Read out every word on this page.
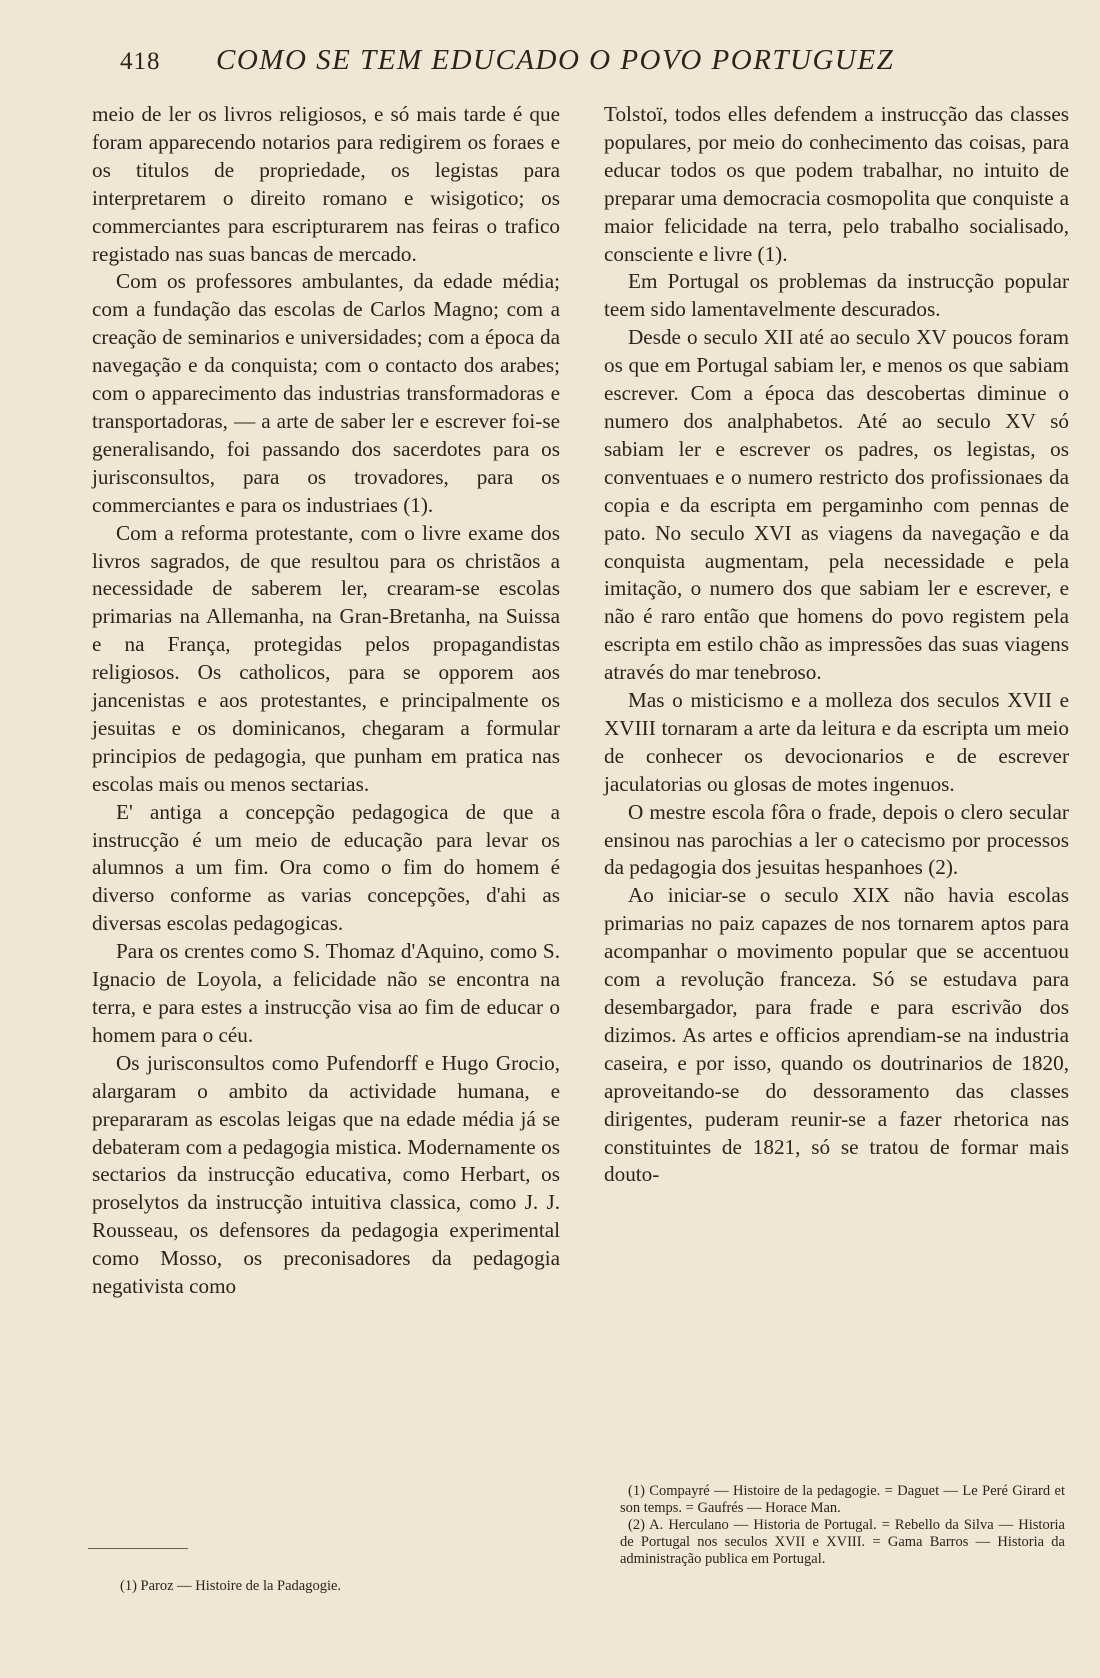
418 COMO SE TEM EDUCADO O POVO PORTUGUEZ

meio de ler os livros religiosos, e só mais tarde é que foram apparecendo notarios para redigirem os foraes e os titulos de propriedade, os legistas para interpretarem o direito romano e wisigotico; os commerciantes para escripturarem nas feiras o trafico registado nas suas bancas de mercado.

Com os professores ambulantes, da edade média; com a fundação das escolas de Carlos Magno; com a creação de seminarios e universidades; com a época da navegação e da conquista; com o contacto dos arabes; com o apparecimento das industrias transformadoras e transportadoras, — a arte de saber ler e escrever foi-se generalisando, foi passando dos sacerdotes para os jurisconsultos, para os trovadores, para os commerciantes e para os industriaes (1).

Com a reforma protestante, com o livre exame dos livros sagrados, de que resultou para os christãos a necessidade de saberem ler, crearam-se escolas primarias na Allemanha, na Gran-Bretanha, na Suissa e na França, protegidas pelos propagandistas religiosos. Os catholicos, para se opporem aos jancenistas e aos protestantes, e principalmente os jesuitas e os dominicanos, chegaram a formular principios de pedagogia, que punham em pratica nas escolas mais ou menos sectarias.

E' antiga a concepção pedagogica de que a instrucção é um meio de educação para levar os alumnos a um fim. Ora como o fim do homem é diverso conforme as varias concepções, d'ahi as diversas escolas pedagogicas.

Para os crentes como S. Thomaz d'Aquino, como S. Ignacio de Loyola, a felicidade não se encontra na terra, e para estes a instrucção visa ao fim de educar o homem para o céu.

Os jurisconsultos como Pufendorff e Hugo Grocio, alargaram o ambito da actividade humana, e prepararam as escolas leigas que na edade média já se debateram com a pedagogia mistica. Modernamente os sectarios da instrucção educativa, como Herbart, os proselytos da instrucção intuitiva classica, como J. J. Rousseau, os defensores da pedagogia experimental como Mosso, os preconisadores da pedagogia negativista como

Tolstoï, todos elles defendem a instrucção das classes populares, por meio do conhecimento das coisas, para educar todos os que podem trabalhar, no intuito de preparar uma democracia cosmopolita que conquiste a maior felicidade na terra, pelo trabalho socialisado, consciente e livre (1).

Em Portugal os problemas da instrucção popular teem sido lamentavelmente descurados.

Desde o seculo XII até ao seculo XV poucos foram os que em Portugal sabiam ler, e menos os que sabiam escrever. Com a época das descobertas diminue o numero dos analphabetos. Até ao seculo XV só sabiam ler e escrever os padres, os legistas, os conventuaes e o numero restricto dos profissionaes da copia e da escripta em pergaminho com pennas de pato. No seculo XVI as viagens da navegação e da conquista augmentam, pela necessidade e pela imitação, o numero dos que sabiam ler e escrever, e não é raro então que homens do povo registem pela escripta em estilo chão as impressões das suas viagens através do mar tenebroso.

Mas o misticismo e a molleza dos seculos XVII e XVIII tornaram a arte da leitura e da escripta um meio de conhecer os devocionarios e de escrever jaculatorias ou glosas de motes ingenuos.

O mestre escola fôra o frade, depois o clero secular ensinou nas parochias a ler o catecismo por processos da pedagogia dos jesuitas hespanhoes (2).

Ao iniciar-se o seculo XIX não havia escolas primarias no paiz capazes de nos tornarem aptos para acompanhar o movimento popular que se accentuou com a revolução franceza. Só se estudava para desembargador, para frade e para escrivão dos dizimos. As artes e officios aprendiam-se na industria caseira, e por isso, quando os doutrinarios de 1820, aproveitando-se do dessoramento das classes dirigentes, puderam reunir-se a fazer rhetorica nas constituintes de 1821, só se tratou de formar mais douto-

(1) Paroz — Histoire de la Padagogie.

(1) Compayré — Histoire de la pedagogie. = Daguet — Le Peré Girard et son temps. = Gaufrés — Horace Man.

(2) A. Herculano — Historia de Portugal. = Rebello da Silva — Historia de Portugal nos seculos XVII e XVIII. = Gama Barros — Historia da administração publica em Portugal.
